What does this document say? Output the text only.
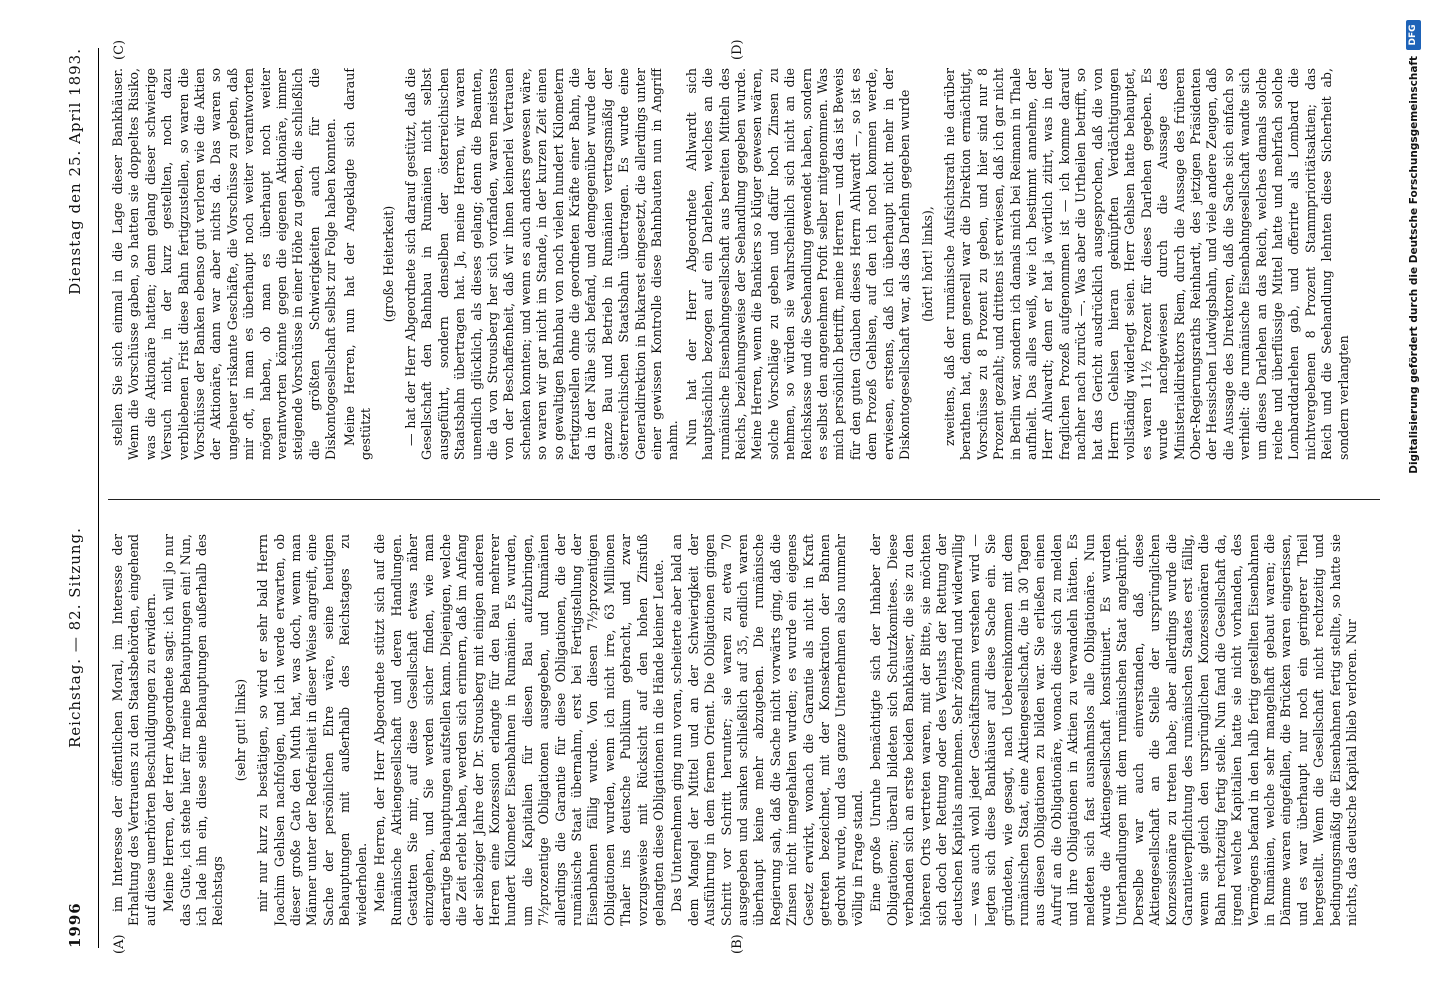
1996
Reichstag. — 82. Sitzung.
Dienstag den 25. April 1893.
(A)	(B)
(C)	(D)

im Interesse der öffentlichen Moral, im Interesse der Erhaltung des Vertrauens zu den Staatsbehörden, eingehend auf diese unerhörten Beschuldigungen zu erwidern. Meine Herren, der Herr Abgeordnete sagt: ich will jo nur das Gute, ich stehe hier für meine Behauptungen ein! Nun, ich lade ihn ein, diese seine Behauptungen außerhalb des Reichstags

(sehr gut! links) mir nur kurz zu bestätigen, so wird er sehr bald Herrn Joachim Gehlsen nachfolgen, und ich werde erwarten, ob dieser große Cato den Muth hat, was doch, wenn man Männer unter der Redefreiheit in dieser Weise angreift, eine Sache der persönlichen Ehre wäre, seine heutigen Behauptungen mit außerhalb des Reichstages zu wiederholen. Meine Herren, der Herr Abgeordnete stützt sich auf die Rumänische Aktiengesellschaft und deren Handlungen. Gestatten Sie mir, auf diese Gesellschaft etwas näher einzugehen, und Sie werden sicher finden, wie man derartige Behauptungen aufstellen kann. Diejenigen, welche die Zeit erlebt haben, werden sich erinnern, daß im Anfang der siebziger Jahre der Dr. Strousberg mit einigen anderen Herren eine Konzession erlangte für den Bau mehrerer hundert Kilometer Eisenbahnen in Rumänien. Es wurden, um die Kapitalien für diesen Bau aufzubringen, 7½prozentige Obligationen ausgegeben, und Rumänien allerdings die Garantie für diese Obligationen, die der rumänische Staat übernahm, erst bei Fertigstellung der Eisenbahnen fällig wurde. Von diesen 7½prozentigen Obligationen wurden, wenn ich nicht irre, 63 Millionen Thaler ins deutsche Publikum gebracht, und zwar vorzugsweise mit Rücksicht auf den hohen Zinsfuß gelangten diese Obligationen in die Hände kleiner Leute. Das Unternehmen ging nun voran, scheiterte aber bald an dem Mangel der Mittel und an der Schwierigkeit der Ausführung in dem fernen Orient. Die Obligationen gingen Schritt vor Schritt herunter; sie waren zu etwa 70 ausgegeben und sanken schließlich auf 35, endlich waren überhaupt keine mehr abzugeben. Die rumänische Regierung sah, daß die Sache nicht vorwärts ging, daß die Zinsen nicht innegehalten wurden; es wurde ein eigenes Gesetz erwirkt, wonach die Garantie als nicht in Kraft getreten bezeichnet, mit der Konsekration der Bahnen gedroht wurde, und das ganze Unternehmen also nunmehr völlig in Frage stand. Eine große Unruhe bemächtigte sich der Inhaber der Obligationen; überall bildeten sich Schutzkomitees. Diese verbanden sich an erste beiden Bankhäuser, die sie zu den höheren Orts vertreten waren, mit der Bitte, sie möchten sich doch der Rettung oder des Verlusts der Rettung der deutschen Kapitals annehmen. Sehr zögernd und widerwillig — was auch wohl jeder Geschäftsmann verstehen wird — legten sich diese Bankhäuser auf diese Sache ein. Sie gründeten, wie gesagt, nach Uebereinkommen mit dem rumänischen Staat, eine Aktiengesellschaft, die in 30 Tagen aus diesen Obligationen zu bilden war. Sie erließen einen Aufruf an die Obligationäre, wonach diese sich zu melden und ihre Obligationen in Aktien zu verwandeln hätten. Es meldeten sich fast ausnahmslos alle Obligationäre. Nun wurde die Aktiengesellschaft konstituiert. Es wurden Unterhandlungen mit dem rumänischen Staat angeknüpft. Derselbe war auch einverstanden, daß diese Aktiengesellschaft an die Stelle der ursprünglichen Konzessionäre zu treten habe; aber allerdings wurde die Garantieverpflichtung des rumänischen Staates erst fällig, wenn sie gleich den ursprünglichen Konzessionären die Bahn rechtzeitig fertig stelle. Nun fand die Gesellschaft da, irgend welche Kapitalien hatte sie nicht vorhanden, des Vermögens befand in den halb fertig gestellten Eisenbahnen in Rumänien, welche sehr mangelhaft gebaut waren; die Dämme waren eingefallen, die Brücken waren eingerissen, und es war überhaupt nur noch ein geringerer Theil hergestellt. Wenn die Gesellschaft nicht rechtzeitig und bedingungsmäßig die Eisenbahnen fertig stellte, so hatte sie nichts, das deutsche Kapital blieb verloren. Nur

stellen Sie sich einmal in die Lage dieser Bankhäuser. Wenn die Vorschüsse gaben, so hatten sie doppeltes Risiko, was die Aktionäre hatten; denn gelang dieser schwierige Versuch nicht, in der kurz gestellten, noch dazu verbliebenen Frist diese Bahn fertigzustellen, so waren die Vorschüsse der Banken ebenso gut verloren wie die Aktien der Aktionäre, dann war aber nichts da. Das waren so ungeheuer riskante Geschäfte, die Vorschüsse zu geben, daß mir oft, in man es überhaupt noch weiter verantworten mögen haben, ob man es überhaupt noch weiter verantworten könnte gegen die eigenen Aktionäre, immer steigende Vorschüsse in einer Höhe zu geben, die schließlich die größten Schwierigkeiten auch für die Diskontogesellschaft selbst zur Folge haben konnten. Meine Herren, nun hat der Angeklagte sich darauf gestützt

(große Heiterkeit) — hat der Herr Abgeordnete sich darauf gestützt, daß die Gesellschaft den Bahnbau in Rumänien nicht selbst ausgeführt, sondern denselben der österreichischen Staatsbahn übertragen hat. Ja, meine Herren, wir waren unendlich glücklich, als dieses gelang; denn die Beamten, die da von Strousberg her sich vorfanden, waren meistens von der Beschaffenheit, daß wir ihnen keinerlei Vertrauen schenken konnten; und wenn es auch anders gewesen wäre, so waren wir gar nicht im Stande, in der kurzen Zeit einen so gewaltigen Bahnbau von noch vielen hundert Kilometern fertigzustellen ohne die geordneten Kräfte einer Bahn, die da in der Nähe sich befand, und demgegenüber wurde der ganze Bau und Betrieb in Rumänien vertragsmäßig der österreichischen Staatsbahn übertragen. Es wurde eine Generaldirektion in Bukarest eingesetzt, die allerdings unter einer gewissen Kontrolle diese Bahnbauten nun in Angriff nahm. Nun hat der Herr Abgeordnete Ahlwardt sich hauptsächlich bezogen auf ein Darlehen, welches an die rumänische Eisenbahngesellschaft aus bereiten Mitteln des Reichs, beziehungsweise der Seehandlung gegeben wurde. Meine Herren, wenn die Bankiers so klüger gewesen wären, solche Vorschläge zu geben und dafür hoch Zinsen zu nehmen, so würden sie wahrscheinlich sich nicht an die Reichskasse und die Seehandlung gewendet haben, sondern es selbst den angenehmen Profit selber mitgenommen. Was mich persönlich betrifft, meine Herren — und das ist Beweis für den guten Glauben dieses Herrn Ahlwardt —, so ist es dem Prozeß Gehlsen, auf den ich noch kommen werde, erwiesen, erstens, daß ich überhaupt nicht mehr in der Diskontogesellschaft war, als das Darlehn gegeben wurde (hört! hört! links), zweitens, daß der rumänische Aufsichtsrath nie darüber berathen hat, denn generell war die Direktion ermächtigt, Vorschüsse zu 8 Prozent zu geben, und hier sind nur 8 Prozent gezahlt; und drittens ist erwiesen, daß ich gar nicht in Berlin war, sondern ich damals mich bei Reimann in Thale aufhielt. Das alles weiß, wie ich bestimmt annehme, der Herr Ahlwardt; denn er hat ja wörtlich zitirt, was in der fraglichen Prozeß aufgenommen ist — ich komme darauf nachher nach zurück —. Was aber die Urtheilen betrifft, so hat das Gericht ausdrücklich ausgesprochen, daß die von Herrn Gehlsen hieran geknüpften Verdächtigungen vollständig widerlegt seien. Herr Gehlsen hatte behauptet, es waren 11½ Prozent für dieses Darlehen gegeben. Es wurde nachgewiesen durch die Aussage des Ministerialdirektors Riem, durch die Aussage des früheren Ober-Regierungsraths Reinhardt, des jetzigen Präsidenten der Hessischen Ludwigsbahn, und viele andere Zeugen, daß die Aussage des Direktoren, daß die Sache sich einfach so verhielt: die rumänische Eisenbahngesellschaft wandte sich um dieses Darlehen an das Reich, welches damals solche reiche und überflüssige Mittel hatte und mehrfach solche Lombarddarlehen gab, und offerirte als Lombard die nichtvergebenen 8 Prozent Stammprioritätsaktien; das Reich und die Seehandlung lehnten diese Sicherheit ab, sondern verlangten	Digitalisierung gefördert durch die Deutsche Forschungsgemeinschaft
DFG
